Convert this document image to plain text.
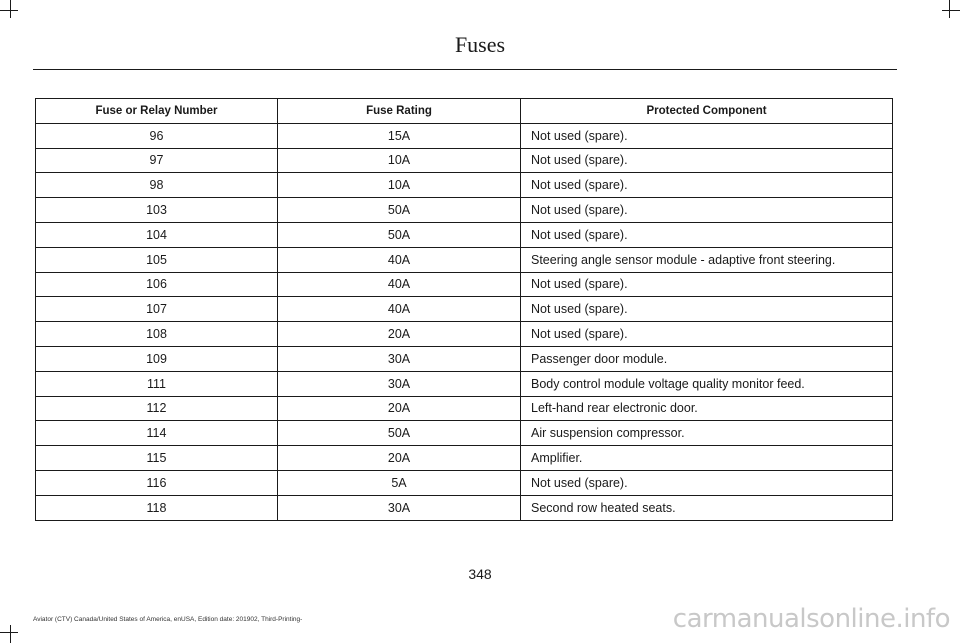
Fuses
Fuse or Relay Number	Fuse Rating	Protected Component
96	15A	Not used (spare).
97	10A	Not used (spare).
98	10A	Not used (spare).
103	50A	Not used (spare).
104	50A	Not used (spare).
105	40A	Steering angle sensor module - adaptive front steering.
106	40A	Not used (spare).
107	40A	Not used (spare).
108	20A	Not used (spare).
109	30A	Passenger door module.
111	30A	Body control module voltage quality monitor feed.
112	20A	Left-hand rear electronic door.
114	50A	Air suspension compressor.
115	20A	Amplifier.
116	5A	Not used (spare).
118	30A	Second row heated seats.
348
Aviator (CTV) Canada/United States of America, enUSA, Edition date: 201902, Third-Printing-	carmanualsonline.info
